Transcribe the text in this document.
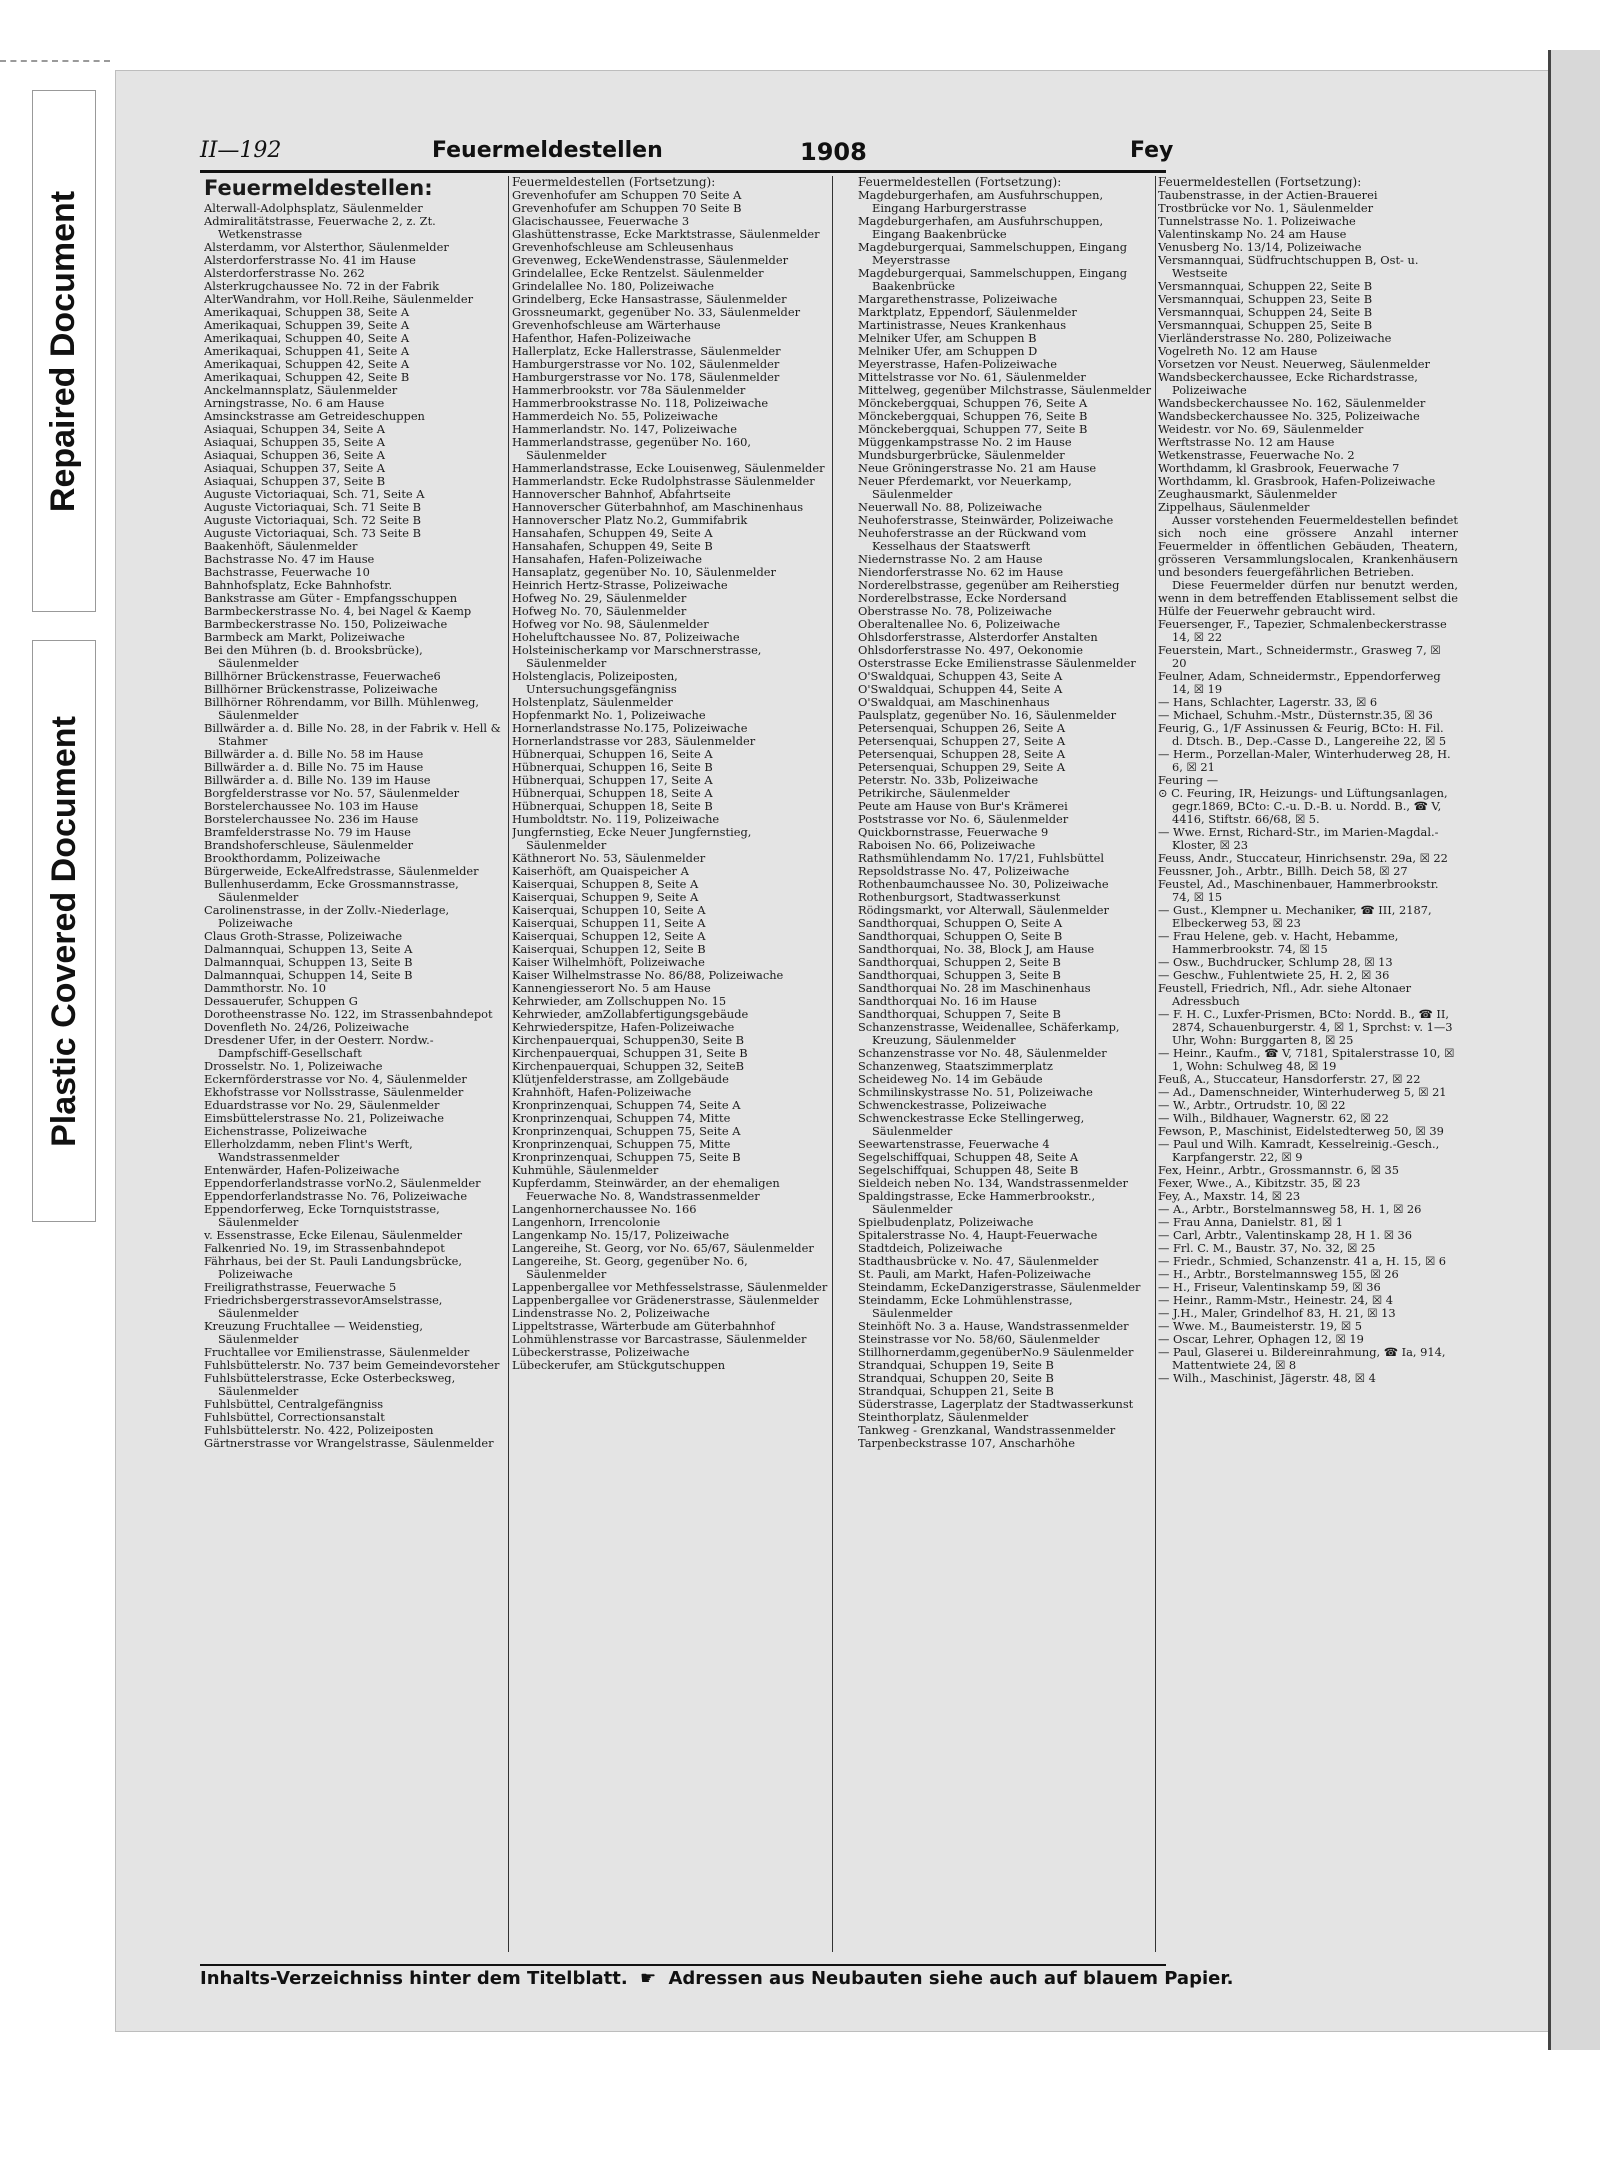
Repaired Document
Plastic Covered Document
II—192	Feuermeldestellen	1908	Fey
Feuermeldestellen:

Alterwall-Adolphsplatz, Säulenmelder

Admiralitätstrasse, Feuerwache 2, z. Zt. Wetkenstrasse

Alsterdamm, vor Alsterthor, Säulenmelder

Alsterdorferstrasse No. 41 im Hause

Alsterdorferstrasse No. 262

Alsterkrugchaussee No. 72 in der Fabrik

AlterWandrahm, vor Holl.Reihe, Säulenmelder

Amerikaquai, Schuppen 38, Seite A

Amerikaquai, Schuppen 39, Seite A

Amerikaquai, Schuppen 40, Seite A

Amerikaquai, Schuppen 41, Seite A

Amerikaquai, Schuppen 42, Seite A

Amerikaquai, Schuppen 42, Seite B

Anckelmannsplatz, Säulenmelder

Arningstrasse, No. 6 am Hause

Amsinckstrasse am Getreideschuppen

Asiaquai, Schuppen 34, Seite A

Asiaquai, Schuppen 35, Seite A

Asiaquai, Schuppen 36, Seite A

Asiaquai, Schuppen 37, Seite A

Asiaquai, Schuppen 37, Seite B

Auguste Victoriaquai, Sch. 71, Seite A

Auguste Victoriaquai, Sch. 71 Seite B

Auguste Victoriaquai, Sch. 72 Seite B

Auguste Victoriaquai, Sch. 73 Seite B

Baakenhöft, Säulenmelder

Bachstrasse No. 47 im Hause

Bachstrasse, Feuerwache 10

Bahnhofsplatz, Ecke Bahnhofstr.

Bankstrasse am Güter - Empfangsschuppen

Barmbeckerstrasse No. 4, bei Nagel & Kaemp

Barmbeckerstrasse No. 150, Polizeiwache

Barmbeck am Markt, Polizeiwache

Bei den Mühren (b. d. Brooksbrücke), Säulenmelder

Billhörner Brückenstrasse, Feuerwache6

Billhörner Brückenstrasse, Polizeiwache

Billhörner Röhrendamm, vor Billh. Mühlenweg, Säulenmelder

Billwärder a. d. Bille No. 28, in der Fabrik v. Hell & Stahmer

Billwärder a. d. Bille No. 58 im Hause

Billwärder a. d. Bille No. 75 im Hause

Billwärder a. d. Bille No. 139 im Hause

Borgfelderstrasse vor No. 57, Säulenmelder

Borstelerchaussee No. 103 im Hause

Borstelerchaussee No. 236 im Hause

Bramfelderstrasse No. 79 im Hause

Brandshoferschleuse, Säulenmelder

Brookthordamm, Polizeiwache

Bürgerweide, EckeAlfredstrasse, Säulenmelder

Bullenhuserdamm, Ecke Grossmannstrasse, Säulenmelder

Carolinenstrasse, in der Zollv.-Niederlage, Polizeiwache

Claus Groth-Strasse, Polizeiwache

Dalmannquai, Schuppen 13, Seite A

Dalmannquai, Schuppen 13, Seite B

Dalmannquai, Schuppen 14, Seite B

Dammthorstr. No. 10

Dessauerufer, Schuppen G

Dorotheenstrasse No. 122, im Strassenbahndepot

Dovenfleth No. 24/26, Polizeiwache

Dresdener Ufer, in der Oesterr. Nordw.-Dampfschiff-Gesellschaft

Drosselstr. No. 1, Polizeiwache

Eckernförderstrasse vor No. 4, Säulenmelder

Ekhofstrasse vor Nollsstrasse, Säulenmelder

Eduardstrasse vor No. 29, Säulenmelder

Eimsbüttelerstrasse No. 21, Polizeiwache

Eichenstrasse, Polizeiwache

Ellerholzdamm, neben Flint's Werft, Wandstrassenmelder

Entenwärder, Hafen-Polizeiwache

Eppendorferlandstrasse vorNo.2, Säulenmelder

Eppendorferlandstrasse No. 76, Polizeiwache

Eppendorferweg, Ecke Tornquiststrasse, Säulenmelder

v. Essenstrasse, Ecke Eilenau, Säulenmelder

Falkenried No. 19, im Strassenbahndepot

Fährhaus, bei der St. Pauli Landungsbrücke, Polizeiwache

Freiligrathstrasse, Feuerwache 5

FriedrichsbergerstrassevorAmselstrasse, Säulenmelder

Kreuzung Fruchtallee — Weidenstieg, Säulenmelder

Fruchtallee vor Emilienstrasse, Säulenmelder

Fuhlsbüttelerstr. No. 737 beim Gemeindevorsteher

Fuhlsbüttelerstrasse, Ecke Osterbecksweg, Säulenmelder

Fuhlsbüttel, Centralgefängniss

Fuhlsbüttel, Correctionsanstalt

Fuhlsbüttelerstr. No. 422, Polizeiposten

Gärtnerstrasse vor Wrangelstrasse, Säulenmelder

Feuermeldestellen (Fortsetzung):

Grevenhofufer am Schuppen 70 Seite A

Grevenhofufer am Schuppen 70 Seite B

Glacischaussee, Feuerwache 3

Glashüttenstrasse, Ecke Marktstrasse, Säulenmelder

Grevenhofschleuse am Schleusenhaus

Grevenweg, EckeWendenstrasse, Säulenmelder

Grindelallee, Ecke Rentzelst. Säulenmelder

Grindelallee No. 180, Polizeiwache

Grindelberg, Ecke Hansastrasse, Säulenmelder

Grossneumarkt, gegenüber No. 33, Säulenmelder

Grevenhofschleuse am Wärterhause

Hafenthor, Hafen-Polizeiwache

Hallerplatz, Ecke Hallerstrasse, Säulenmelder

Hamburgerstrasse vor No. 102, Säulenmelder

Hamburgerstrasse vor No. 178, Säulenmelder

Hammerbrookstr. vor 78a Säulenmelder

Hammerbrookstrasse No. 118, Polizeiwache

Hammerdeich No. 55, Polizeiwache

Hammerlandstr. No. 147, Polizeiwache

Hammerlandstrasse, gegenüber No. 160, Säulenmelder

Hammerlandstrasse, Ecke Louisenweg, Säulenmelder

Hammerlandstr. Ecke Rudolphstrasse Säulenmelder

Hannoverscher Bahnhof, Abfahrtseite

Hannoverscher Güterbahnhof, am Maschinenhaus

Hannoverscher Platz No.2, Gummifabrik

Hansahafen, Schuppen 49, Seite A

Hansahafen, Schuppen 49, Seite B

Hansahafen, Hafen-Polizeiwache

Hansaplatz, gegenüber No. 10, Säulenmelder

Heinrich Hertz-Strasse, Polizeiwache

Hofweg No. 29, Säulenmelder

Hofweg No. 70, Säulenmelder

Hofweg vor No. 98, Säulenmelder

Hoheluftchaussee No. 87, Polizeiwache

Holsteinischerkamp vor Marschnerstrasse, Säulenmelder

Holstenglacis, Polizeiposten, Untersuchungsgefängniss

Holstenplatz, Säulenmelder

Hopfenmarkt No. 1, Polizeiwache

Hornerlandstrasse No.175, Polizeiwache

Hornerlandstrasse vor 283, Säulenmelder

Hübnerquai, Schuppen 16, Seite A

Hübnerquai, Schuppen 16, Seite B

Hübnerquai, Schuppen 17, Seite A

Hübnerquai, Schuppen 18, Seite A

Hübnerquai, Schuppen 18, Seite B

Humboldtstr. No. 119, Polizeiwache

Jungfernstieg, Ecke Neuer Jungfernstieg, Säulenmelder

Käthnerort No. 53, Säulenmelder

Kaiserhöft, am Quaispeicher A

Kaiserquai, Schuppen 8, Seite A

Kaiserquai, Schuppen 9, Seite A

Kaiserquai, Schuppen 10, Seite A

Kaiserquai, Schuppen 11, Seite A

Kaiserquai, Schuppen 12, Seite A

Kaiserquai, Schuppen 12, Seite B

Kaiser Wilhelmhöft, Polizeiwache

Kaiser Wilhelmstrasse No. 86/88, Polizeiwache

Kannengiesserort No. 5 am Hause

Kehrwieder, am Zollschuppen No. 15

Kehrwieder, amZollabfertigungsgebäude

Kehrwiederspitze, Hafen-Polizeiwache

Kirchenpauerquai, Schuppen30, Seite B

Kirchenpauerquai, Schuppen 31, Seite B

Kirchenpauerquai, Schuppen 32, SeiteB

Klütjenfelderstrasse, am Zollgebäude

Krahnhöft, Hafen-Polizeiwache

Kronprinzenquai, Schuppen 74, Seite A

Kronprinzenquai, Schuppen 74, Mitte

Kronprinzenquai, Schuppen 75, Seite A

Kronprinzenquai, Schuppen 75, Mitte

Kronprinzenquai, Schuppen 75, Seite B

Kuhmühle, Säulenmelder

Kupferdamm, Steinwärder, an der ehemaligen Feuerwache No. 8, Wandstrassenmelder

Langenhornerchaussee No. 166

Langenhorn, Irrencolonie

Langenkamp No. 15/17, Polizeiwache

Langereihe, St. Georg, vor No. 65/67, Säulenmelder

Langereihe, St. Georg, gegenüber No. 6, Säulenmelder

Lappenbergallee vor Methfesselstrasse, Säulenmelder

Lappenbergallee vor Grädenerstrasse, Säulenmelder

Lindenstrasse No. 2, Polizeiwache

Lippeltstrasse, Wärterbude am Güterbahnhof

Lohmühlenstrasse vor Barcastrasse, Säulenmelder

Lübeckerstrasse, Polizeiwache

Lübeckerufer, am Stückgutschuppen

Feuermeldestellen (Fortsetzung):

Magdeburgerhafen, am Ausfuhrschuppen, Eingang Harburgerstrasse

Magdeburgerhafen, am Ausfuhrschuppen, Eingang Baakenbrücke

Magdeburgerquai, Sammelschuppen, Eingang Meyerstrasse

Magdeburgerquai, Sammelschuppen, Eingang Baakenbrücke

Margarethenstrasse, Polizeiwache

Marktplatz, Eppendorf, Säulenmelder

Martinistrasse, Neues Krankenhaus

Melniker Ufer, am Schuppen B

Melniker Ufer, am Schuppen D

Meyerstrasse, Hafen-Polizeiwache

Mittelstrasse vor No. 61, Säulenmelder

Mittelweg, gegenüber Milchstrasse, Säulenmelder

Mönckebergquai, Schuppen 76, Seite A

Mönckebergquai, Schuppen 76, Seite B

Mönckebergquai, Schuppen 77, Seite B

Müggenkampstrasse No. 2 im Hause

Mundsburgerbrücke, Säulenmelder

Neue Gröningerstrasse No. 21 am Hause

Neuer Pferdemarkt, vor Neuerkamp, Säulenmelder

Neuerwall No. 88, Polizeiwache

Neuhoferstrasse, Steinwärder, Polizeiwache

Neuhoferstrasse an der Rückwand vom Kesselhaus der Staatswerft

Niedernstrasse No. 2 am Hause

Niendorferstrasse No. 62 im Hause

Norderelbstrasse, gegenüber am Reiherstieg

Norderelbstrasse, Ecke Nordersand

Oberstrasse No. 78, Polizeiwache

Oberaltenallee No. 6, Polizeiwache

Ohlsdorferstrasse, Alsterdorfer Anstalten

Ohlsdorferstrasse No. 497, Oekonomie

Osterstrasse Ecke Emilienstrasse Säulenmelder

O'Swaldquai, Schuppen 43, Seite A

O'Swaldquai, Schuppen 44, Seite A

O'Swaldquai, am Maschinenhaus

Paulsplatz, gegenüber No. 16, Säulenmelder

Petersenquai, Schuppen 26, Seite A

Petersenquai, Schuppen 27, Seite A

Petersenquai, Schuppen 28, Seite A

Petersenquai, Schuppen 29, Seite A

Peterstr. No. 33b, Polizeiwache

Petrikirche, Säulenmelder

Peute am Hause von Bur's Krämerei

Poststrasse vor No. 6, Säulenmelder

Quickbornstrasse, Feuerwache 9

Raboisen No. 66, Polizeiwache

Rathsmühlendamm No. 17/21, Fuhlsbüttel

Repsoldstrasse No. 47, Polizeiwache

Rothenbaumchaussee No. 30, Polizeiwache

Rothenburgsort, Stadtwasserkunst

Rödingsmarkt, vor Alterwall, Säulenmelder

Sandthorquai, Schuppen O, Seite A

Sandthorquai, Schuppen O, Seite B

Sandthorquai, No. 38, Block J, am Hause

Sandthorquai, Schuppen 2, Seite B

Sandthorquai, Schuppen 3, Seite B

Sandthorquai No. 28 im Maschinenhaus

Sandthorquai No. 16 im Hause

Sandthorquai, Schuppen 7, Seite B

Schanzenstrasse, Weidenallee, Schäferkamp, Kreuzung, Säulenmelder

Schanzenstrasse vor No. 48, Säulenmelder

Schanzenweg, Staatszimmerplatz

Scheideweg No. 14 im Gebäude

Schmilinskystrasse No. 51, Polizeiwache

Schwenckestrasse, Polizeiwache

Schwenckestrasse Ecke Stellingerweg, Säulenmelder

Seewartenstrasse, Feuerwache 4

Segelschiffquai, Schuppen 48, Seite A

Segelschiffquai, Schuppen 48, Seite B

Sieldeich neben No. 134, Wandstrassenmelder

Spaldingstrasse, Ecke Hammerbrookstr., Säulenmelder

Spielbudenplatz, Polizeiwache

Spitalerstrasse No. 4, Haupt-Feuerwache

Stadtdeich, Polizeiwache

Stadthausbrücke v. No. 47, Säulenmelder

St. Pauli, am Markt, Hafen-Polizeiwache

Steindamm, EckeDanzigerstrasse, Säulenmelder

Steindamm, Ecke Lohmühlenstrasse, Säulenmelder

Steinhöft No. 3 a. Hause, Wandstrassenmelder

Steinstrasse vor No. 58/60, Säulenmelder

Stillhornerdamm,gegenüberNo.9 Säulenmelder

Strandquai, Schuppen 19, Seite B

Strandquai, Schuppen 20, Seite B

Strandquai, Schuppen 21, Seite B

Süderstrasse, Lagerplatz der Stadtwasserkunst

Steinthorplatz, Säulenmelder

Tankweg - Grenzkanal, Wandstrassenmelder

Tarpenbeckstrasse 107, Anscharhöhe

Feuermeldestellen (Fortsetzung):

Taubenstrasse, in der Actien-Brauerei

Trostbrücke vor No. 1, Säulenmelder

Tunnelstrasse No. 1. Polizeiwache

Valentinskamp No. 24 am Hause

Venusberg No. 13/14, Polizeiwache

Versmannquai, Südfruchtschuppen B, Ost- u. Westseite

Versmannquai, Schuppen 22, Seite B

Versmannquai, Schuppen 23, Seite B

Versmannquai, Schuppen 24, Seite B

Versmannquai, Schuppen 25, Seite B

Vierländerstrasse No. 280, Polizeiwache

Vogelreth No. 12 am Hause

Vorsetzen vor Neust. Neuerweg, Säulenmelder

Wandsbeckerchaussee, Ecke Richardstrasse, Polizeiwache

Wandsbeckerchaussee No. 162, Säulenmelder

Wandsbeckerchaussee No. 325, Polizeiwache

Weidestr. vor No. 69, Säulenmelder

Werftstrasse No. 12 am Hause

Wetkenstrasse, Feuerwache No. 2

Worthdamm, kl Grasbrook, Feuerwache 7

Worthdamm, kl. Grasbrook, Hafen-Polizeiwache

Zeughausmarkt, Säulenmelder

Zippelhaus, Säulenmelder

Ausser vorstehenden Feuermeldestellen befindet sich noch eine grössere Anzahl interner Feuermelder in öffentlichen Gebäuden, Theatern, grösseren Versammlungslocalen, Krankenhäusern und besonders feuergefährlichen Betrieben.

Diese Feuermelder dürfen nur benutzt werden, wenn in dem betreffenden Etablissement selbst die Hülfe der Feuerwehr gebraucht wird.

Feuersenger, F., Tapezier, Schmalenbeckerstrasse 14, ☒ 22

Feuerstein, Mart., Schneidermstr., Grasweg 7, ☒ 20

Feulner, Adam, Schneidermstr., Eppendorferweg 14, ☒ 19

— Hans, Schlachter, Lagerstr. 33, ☒ 6

— Michael, Schuhm.-Mstr., Düsternstr.35, ☒ 36

Feurig, G., 1/F Assinussen & Feurig, BCto: H. Fil. d. Dtsch. B., Dep.-Casse D., Langereihe 22, ☒ 5

— Herm., Porzellan-Maler, Winterhuderweg 28, H. 6, ☒ 21

Feuring —

⊙ C. Feuring, IR, Heizungs- und Lüftungsanlagen, gegr.1869, BCto: C.-u. D.-B. u. Nordd. B., ☎ V, 4416, Stiftstr. 66/68, ☒ 5.

— Wwe. Ernst, Richard-Str., im Marien-Magdal.-Kloster, ☒ 23

Feuss, Andr., Stuccateur, Hinrichsenstr. 29a, ☒ 22

Feussner, Joh., Arbtr., Billh. Deich 58, ☒ 27

Feustel, Ad., Maschinenbauer, Hammerbrookstr. 74, ☒ 15

— Gust., Klempner u. Mechaniker, ☎ III, 2187, Elbeckerweg 53, ☒ 23

— Frau Helene, geb. v. Hacht, Hebamme, Hammerbrookstr. 74, ☒ 15

— Osw., Buchdrucker, Schlump 28, ☒ 13

— Geschw., Fuhlentwiete 25, H. 2, ☒ 36

Feustell, Friedrich, Nfl., Adr. siehe Altonaer Adressbuch

— F. H. C., Luxfer-Prismen, BCto: Nordd. B., ☎ II, 2874, Schauenburgerstr. 4, ☒ 1, Sprchst: v. 1—3 Uhr, Wohn: Burggarten 8, ☒ 25

— Heinr., Kaufm., ☎ V, 7181, Spitalerstrasse 10, ☒ 1, Wohn: Schulweg 48, ☒ 19

Feuß, A., Stuccateur, Hansdorferstr. 27, ☒ 22

— Ad., Damenschneider, Winterhuderweg 5, ☒ 21

— W., Arbtr., Ortrudstr. 10, ☒ 22

— Wilh., Bildhauer, Wagnerstr. 62, ☒ 22

Fewson, P., Maschinist, Eidelstedterweg 50, ☒ 39

— Paul und Wilh. Kamradt, Kesselreinig.-Gesch., Karpfangerstr. 22, ☒ 9

Fex, Heinr., Arbtr., Grossmannstr. 6, ☒ 35

Fexer, Wwe., A., Kibitzstr. 35, ☒ 23

Fey, A., Maxstr. 14, ☒ 23

— A., Arbtr., Borstelmannsweg 58, H. 1, ☒ 26

— Frau Anna, Danielstr. 81, ☒ 1

— Carl, Arbtr., Valentinskamp 28, H 1. ☒ 36

— Frl. C. M., Baustr. 37, No. 32, ☒ 25

— Friedr., Schmied, Schanzenstr. 41 a, H. 15, ☒ 6

— H., Arbtr., Borstelmannsweg 155, ☒ 26

— H., Friseur, Valentinskamp 59, ☒ 36

— Heinr., Ramm-Mstr., Heinestr. 24, ☒ 4

— J.H., Maler, Grindelhof 83, H. 21, ☒ 13

— Wwe. M., Baumeisterstr. 19, ☒ 5

— Oscar, Lehrer, Ophagen 12, ☒ 19

— Paul, Glaserei u. Bildereinrahmung, ☎ Ia, 914, Mattentwiete 24, ☒ 8

— Wilh., Maschinist, Jägerstr. 48, ☒ 4

Inhalts-Verzeichniss hinter dem Titelblatt. ☛ Adressen aus Neubauten siehe auch auf blauem Papier.
